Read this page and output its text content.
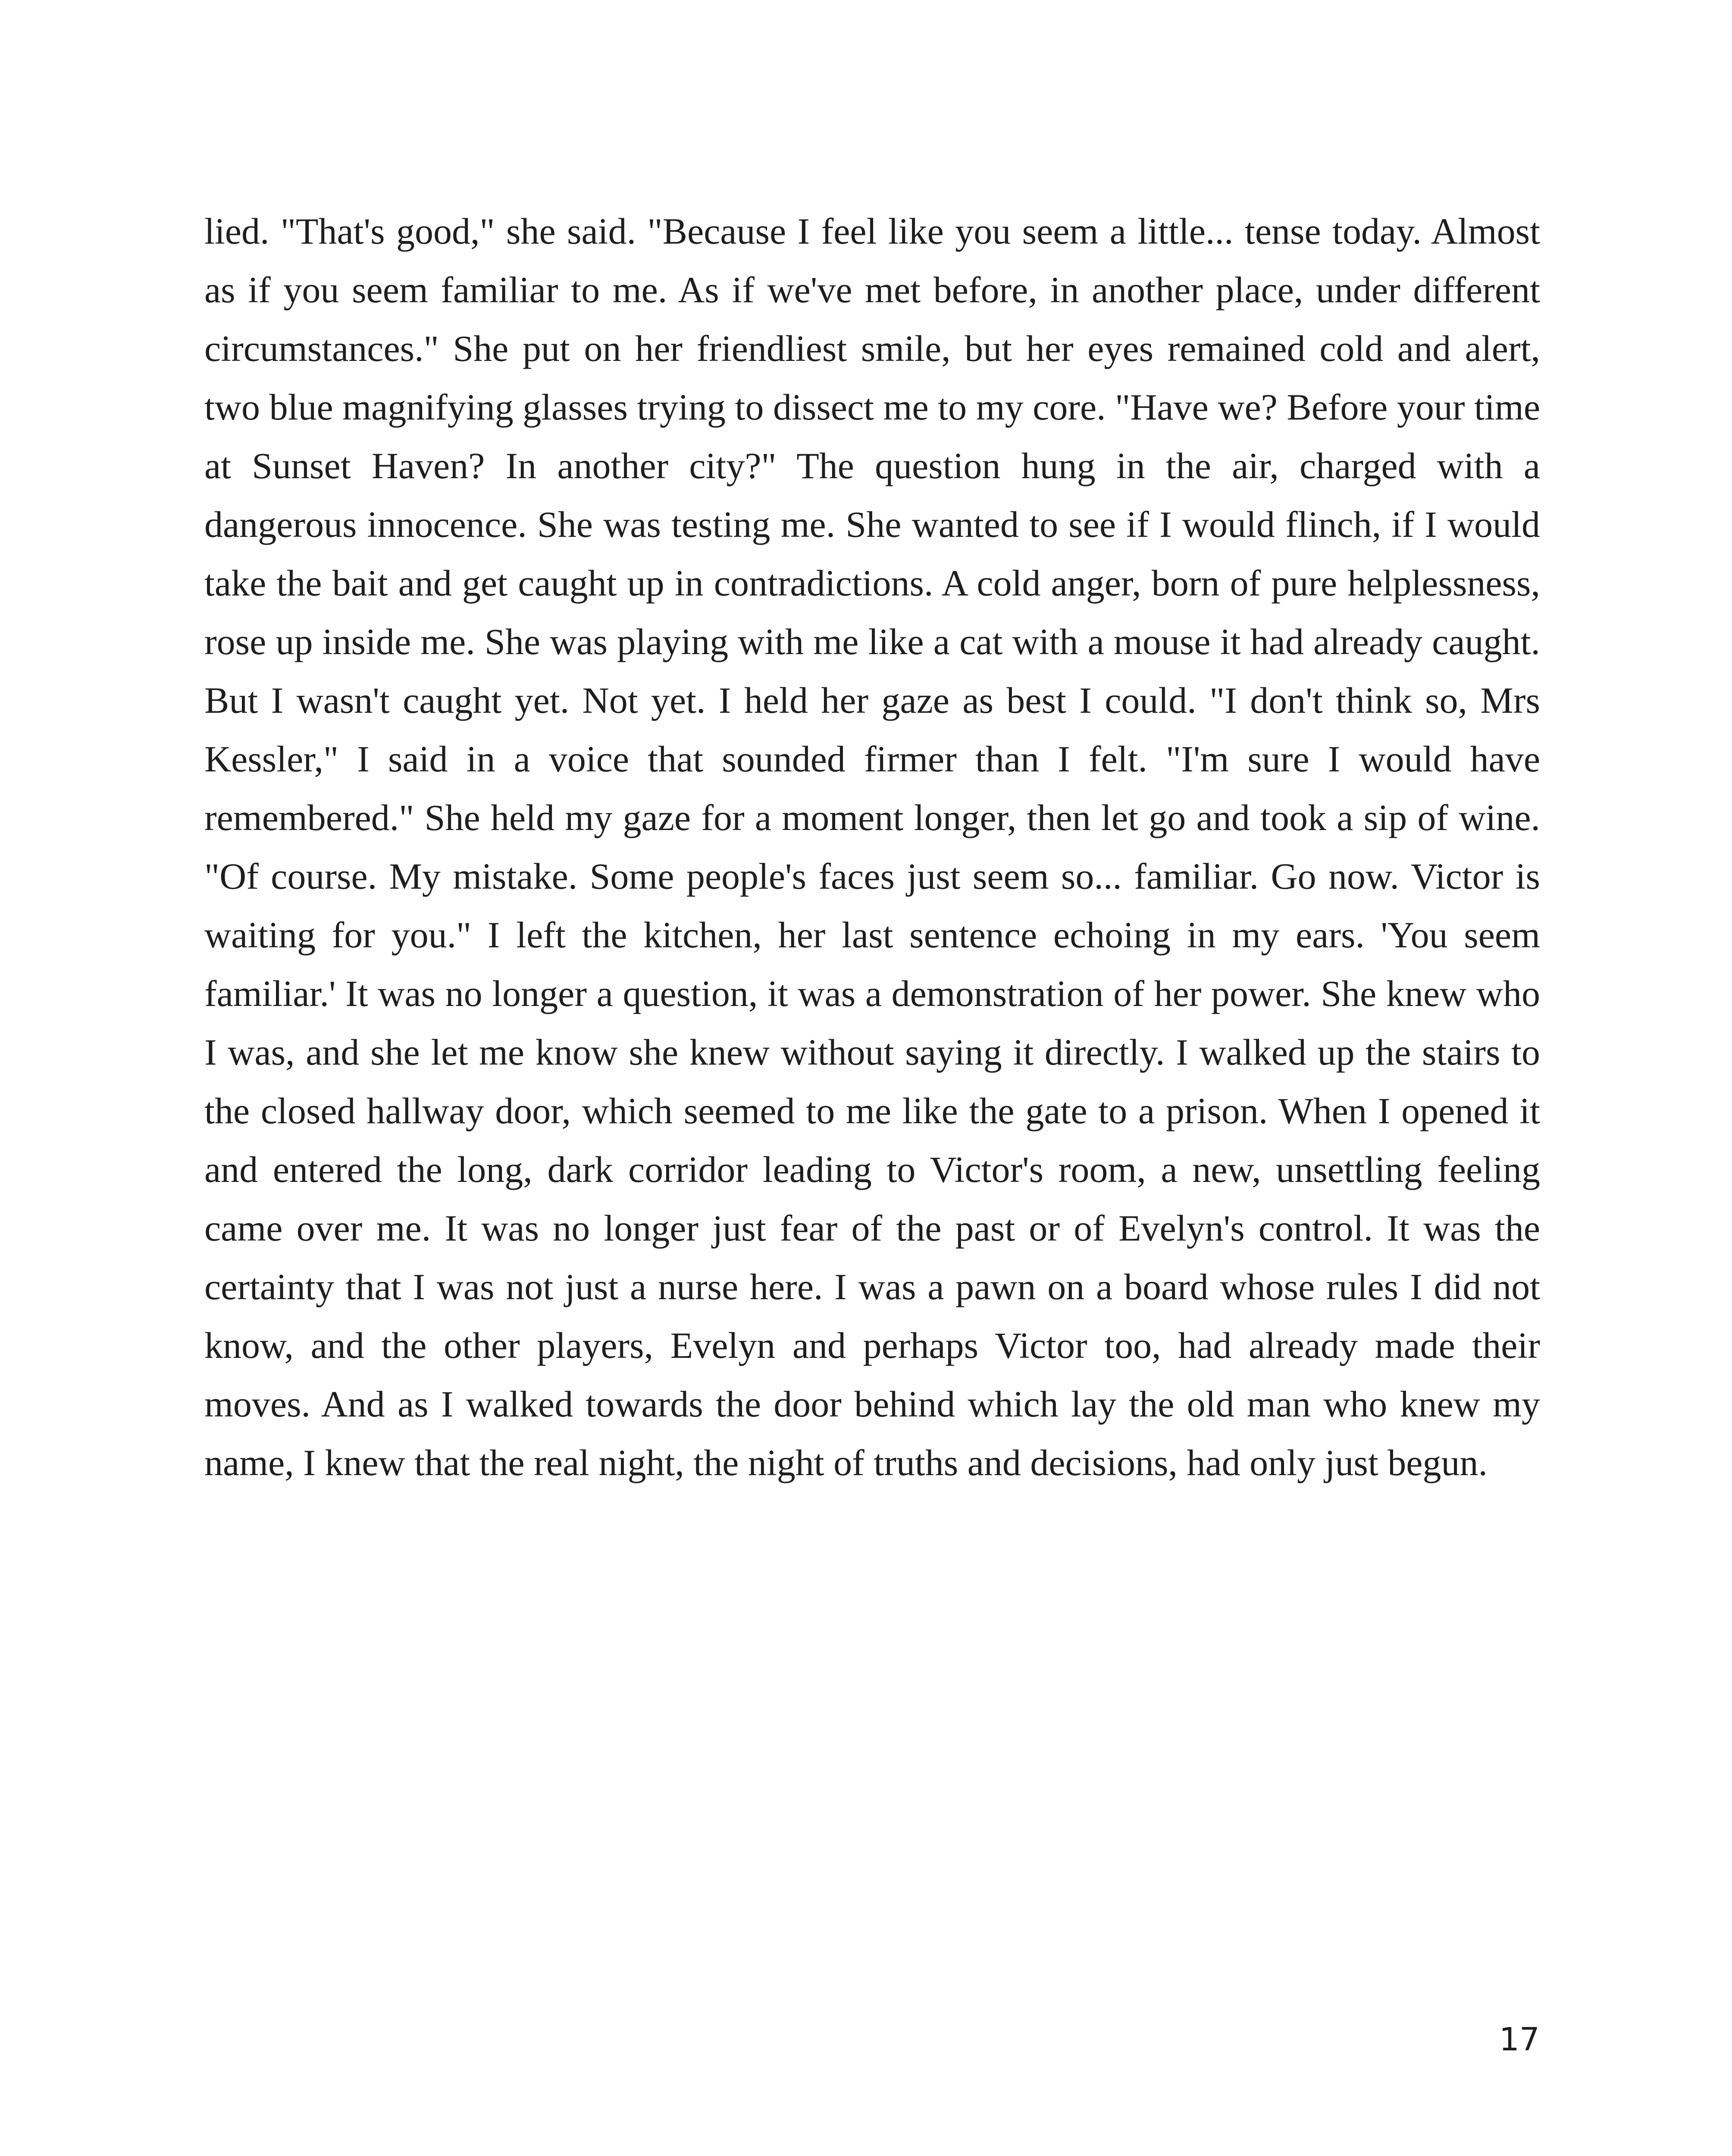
lied. "That's good," she said. "Because I feel like you seem a little... tense today. Almost as if you seem familiar to me. As if we've met before, in another place, under different circumstances." She put on her friendliest smile, but her eyes remained cold and alert, two blue magnifying glasses trying to dissect me to my core. "Have we? Before your time at Sunset Haven? In another city?" The question hung in the air, charged with a dangerous innocence. She was testing me. She wanted to see if I would flinch, if I would take the bait and get caught up in contradictions. A cold anger, born of pure helplessness, rose up inside me. She was playing with me like a cat with a mouse it had already caught. But I wasn't caught yet. Not yet. I held her gaze as best I could. "I don't think so, Mrs Kessler," I said in a voice that sounded firmer than I felt. "I'm sure I would have remembered." She held my gaze for a moment longer, then let go and took a sip of wine. "Of course. My mistake. Some people's faces just seem so... familiar. Go now. Victor is waiting for you." I left the kitchen, her last sentence echoing in my ears. 'You seem familiar.' It was no longer a question, it was a demonstration of her power. She knew who I was, and she let me know she knew without saying it directly. I walked up the stairs to the closed hallway door, which seemed to me like the gate to a prison. When I opened it and entered the long, dark corridor leading to Victor's room, a new, unsettling feeling came over me. It was no longer just fear of the past or of Evelyn's control. It was the certainty that I was not just a nurse here. I was a pawn on a board whose rules I did not know, and the other players, Evelyn and perhaps Victor too, had already made their moves. And as I walked towards the door behind which lay the old man who knew my name, I knew that the real night, the night of truths and decisions, had only just begun.

17
